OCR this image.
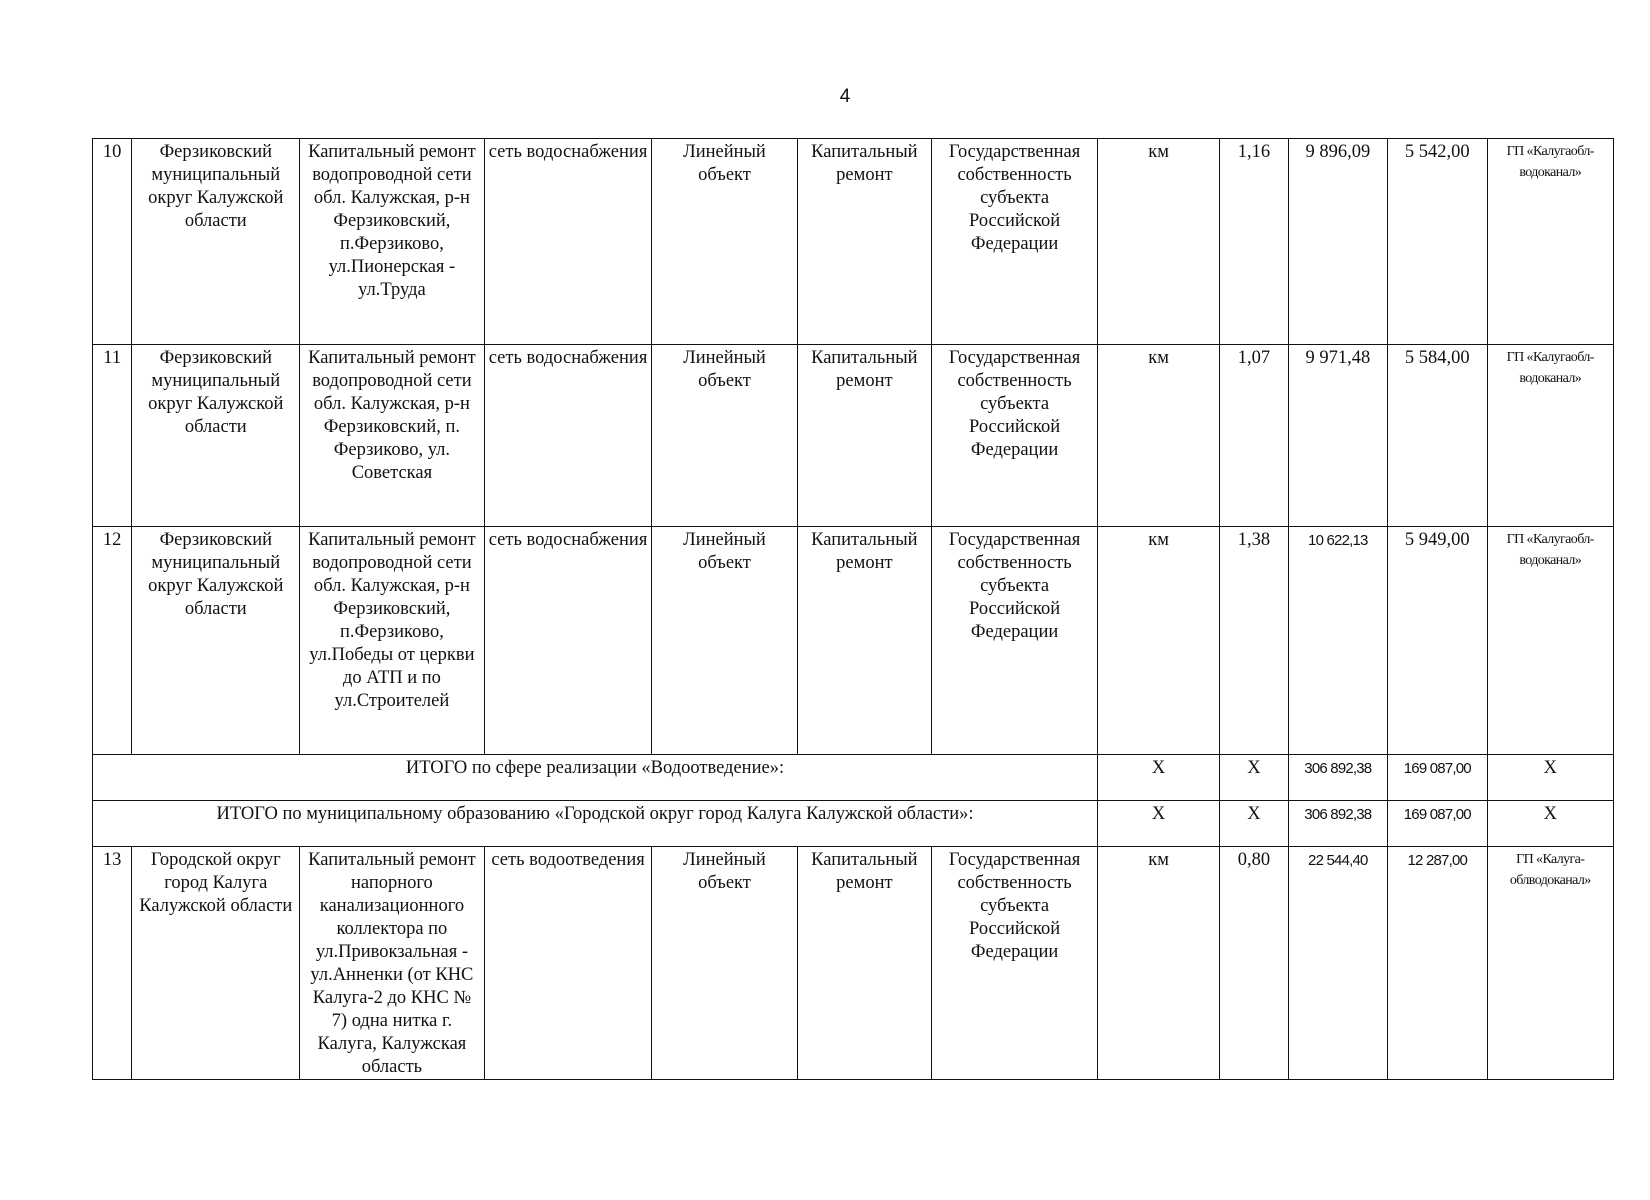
4
10	Ферзиковский муниципальный округ Калужской области	Капитальный ремонт водопроводной сети обл. Калужская, р-н Ферзиковский, п.Ферзиково, ул.Пионерская - ул.Труда	сеть водоснабжения	Линейный объект	Капитальный ремонт	Государственная собственность субъекта Российской Федерации	км	1,16	9 896,09	5 542,00	ГП «Калугаобл-водоканал»
11	Ферзиковский муниципальный округ Калужской области	Капитальный ремонт водопроводной сети обл. Калужская, р-н Ферзиковский, п. Ферзиково, ул. Советская	сеть водоснабжения	Линейный объект	Капитальный ремонт	Государственная собственность субъекта Российской Федерации	км	1,07	9 971,48	5 584,00	ГП «Калугаобл-водоканал»
12	Ферзиковский муниципальный округ Калужской области	Капитальный ремонт водопроводной сети обл. Калужская, р-н Ферзиковский, п.Ферзиково, ул.Победы от церкви до АТП и по ул.Строителей	сеть водоснабжения	Линейный объект	Капитальный ремонт	Государственная собственность субъекта Российской Федерации	км	1,38	10 622,13	5 949,00	ГП «Калугаобл-водоканал»
ИТОГО по сфере реализации «Водоотведение»:							Х	Х	306 892,38	169 087,00	Х
ИТОГО по муниципальному образованию «Городской округ город Калуга Калужской области»:							Х	Х	306 892,38	169 087,00	Х
13	Городской округ город Калуга Калужской области	Капитальный ремонт напорного канализационного коллектора по ул.Привокзальная - ул.Анненки (от КНС Калуга-2 до КНС № 7) одна нитка г. Калуга, Калужская область	сеть водоотведения	Линейный объект	Капитальный ремонт	Государственная собственность субъекта Российской Федерации	км	0,80	22 544,40	12 287,00	ГП «Калуга-облводоканал»
